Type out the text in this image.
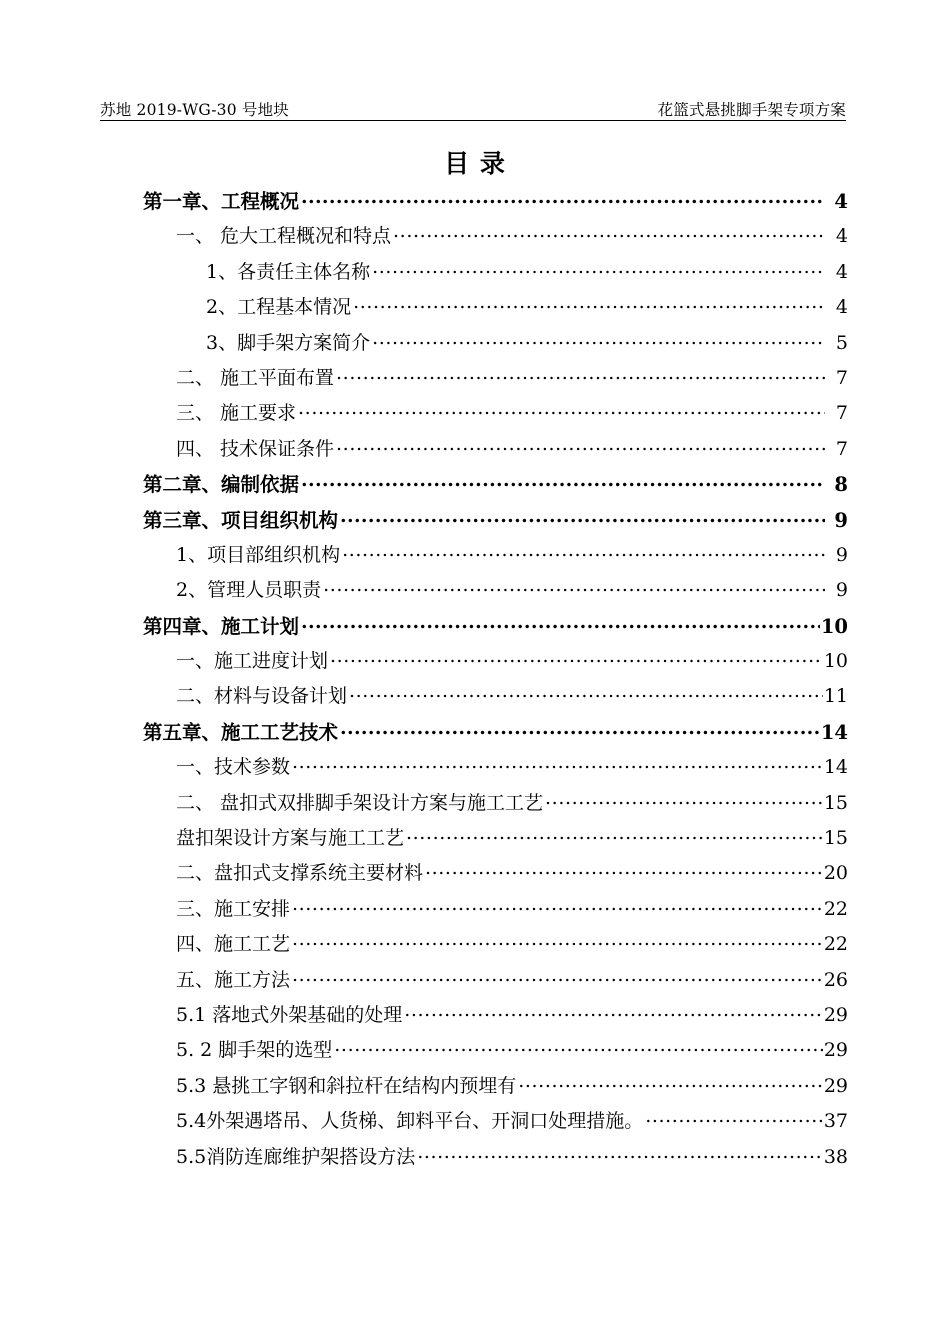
苏地 2019-WG-30 号地块	花篮式悬挑脚手架专项方案
目 录
第一章、工程概况 .....	4
一、 危大工程概况和特点 .....	4
1、各责任主体名称 .....	4
2、工程基本情况 .....	4
3、脚手架方案简介 .....	5
二、 施工平面布置 .....	7
三、 施工要求 .....	7
四、 技术保证条件 .....	7
第二章、编制依据 .....	8
第三章、项目组织机构 .....	9
1、项目部组织机构 .....	9
2、管理人员职责 .....	9
第四章、施工计划 .....	10
一、施工进度计划 .....	10
二、材料与设备计划 .....	11
第五章、施工工艺技术 .....	14
一、技术参数 .....	14
二、 盘扣式双排脚手架设计方案与施工工艺 .....	15
盘扣架设计方案与施工工艺 .....	15
二、盘扣式支撑系统主要材料 .....	20
三、施工安排 .....	22
四、施工工艺 .....	22
五、施工方法 .....	26
5.1 落地式外架基础的处理 .....	29
5. 2 脚手架的选型 .....	29
5.3 悬挑工字钢和斜拉杆在结构内预埋有 .....	29
5.4外架遇塔吊、人货梯、卸料平台、开洞口处理措施。 .....	37
5.5消防连廊维护架搭设方法 .....	38
